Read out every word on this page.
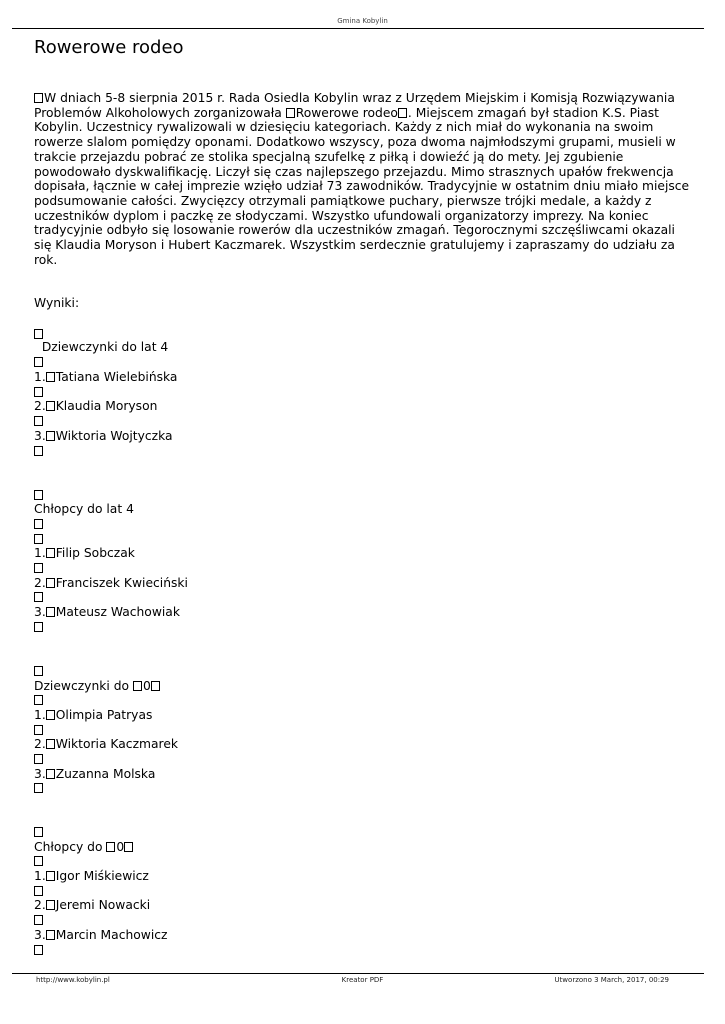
Gmina Kobylin
Rowerowe rodeo

W dniach 5-8 sierpnia 2015 r. Rada Osiedla Kobylin wraz z Urzędem Miejskim i Komisją Rozwiązywania Problemów Alkoholowych zorganizowała Rowerowe rodeo . Miejscem zmagań był stadion K.S. Piast Kobylin. Uczestnicy rywalizowali w dziesięciu kategoriach. Każdy z nich miał do wykonania na swoim rowerze slalom pomiędzy oponami. Dodatkowo wszyscy, poza dwoma najmłodszymi grupami, musieli w trakcie przejazdu pobrać ze stolika specjalną szufelkę z piłką i dowieźć ją do mety. Jej zgubienie powodowało dyskwalifikację. Liczył się czas najlepszego przejazdu. Mimo strasznych upałów frekwencja dopisała, łącznie w całej imprezie wzięło udział 73 zawodników. Tradycyjnie w ostatnim dniu miało miejsce podsumowanie całości. Zwycięzcy otrzymali pamiątkowe puchary, pierwsze trójki medale, a każdy z uczestników dyplom i paczkę ze słodyczami. Wszystko ufundowali organizatorzy imprezy. Na koniec tradycyjnie odbyło się losowanie rowerów dla uczestników zmagań. Tegorocznymi szczęśliwcami okazali się Klaudia Moryson i Hubert Kaczmarek. Wszystkim serdecznie gratulujemy i zapraszamy do udziału za rok.

Wyniki:
Dziewczynki do lat 4
1. Tatiana Wielebińska
2. Klaudia Moryson
3. Wiktoria Wojtyczka
Chłopcy do lat 4
1. Filip Sobczak
2. Franciszek Kwieciński
3. Mateusz Wachowiak
Dziewczynki do 0
1. Olimpia Patryas
2. Wiktoria Kaczmarek
3. Zuzanna Molska
Chłopcy do 0
1. Igor Miśkiewicz
2. Jeremi Nowacki
3. Marcin Machowicz
http://www.kobylin.pl	Kreator PDF	Utworzono 3 March, 2017, 00:29
